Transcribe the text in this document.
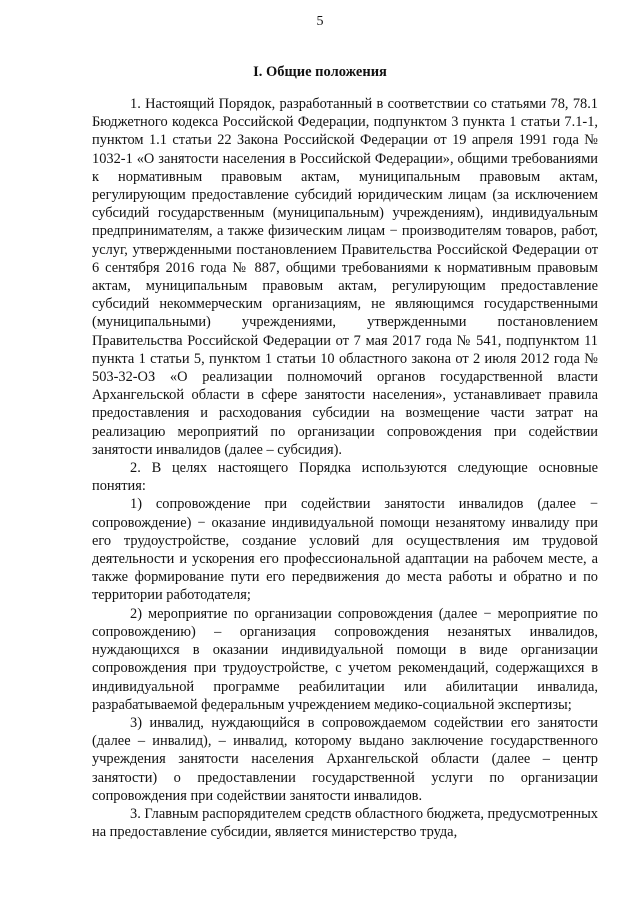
5
I. Общие положения

1. Настоящий Порядок, разработанный в соответствии со статьями 78, 78.1 Бюджетного кодекса Российской Федерации, подпунктом 3 пункта 1 статьи 7.1-1, пунктом 1.1 статьи 22 Закона Российской Федерации от 19 апреля 1991 года № 1032-1 «О занятости населения в Российской Федерации», общими требованиями к нормативным правовым актам, муниципальным правовым актам, регулирующим предоставление субсидий юридическим лицам (за исключением субсидий государственным (муниципальным) учреждениям), индивидуальным предпринимателям, а также физическим лицам − производителям товаров, работ, услуг, утвержденными постановлением Правительства Российской Федерации от 6 сентября 2016 года № 887, общими требованиями к нормативным правовым актам, муниципальным правовым актам, регулирующим предоставление субсидий некоммерческим организациям, не являющимся государственными (муниципальными) учреждениями, утвержденными постановлением Правительства Российской Федерации от 7 мая 2017 года № 541, подпунктом 11 пункта 1 статьи 5, пунктом 1 статьи 10 областного закона от 2 июля 2012 года № 503-32-ОЗ «О реализации полномочий органов государственной власти Архангельской области в сфере занятости населения», устанавливает правила предоставления и расходования субсидии на возмещение части затрат на реализацию мероприятий по организации сопровождения при содействии занятости инвалидов (далее – субсидия).

2. В целях настоящего Порядка используются следующие основные понятия:

1) сопровождение при содействии занятости инвалидов (далее − сопровождение) − оказание индивидуальной помощи незанятому инвалиду при его трудоустройстве, создание условий для осуществления им трудовой деятельности и ускорения его профессиональной адаптации на рабочем месте, а также формирование пути его передвижения до места работы и обратно и по территории работодателя;

2) мероприятие по организации сопровождения (далее − мероприятие по сопровождению) – организация сопровождения незанятых инвалидов, нуждающихся в оказании индивидуальной помощи в виде организации сопровождения при трудоустройстве, с учетом рекомендаций, содержащихся в индивидуальной программе реабилитации или абилитации инвалида, разрабатываемой федеральным учреждением медико-социальной экспертизы;

3) инвалид, нуждающийся в сопровождаемом содействии его занятости (далее – инвалид), – инвалид, которому выдано заключение государственного учреждения занятости населения Архангельской области (далее – центр занятости) о предоставлении государственной услуги по организации сопровождения при содействии занятости инвалидов.

3. Главным распорядителем средств областного бюджета, предусмотренных на предоставление субсидии, является министерство труда,
